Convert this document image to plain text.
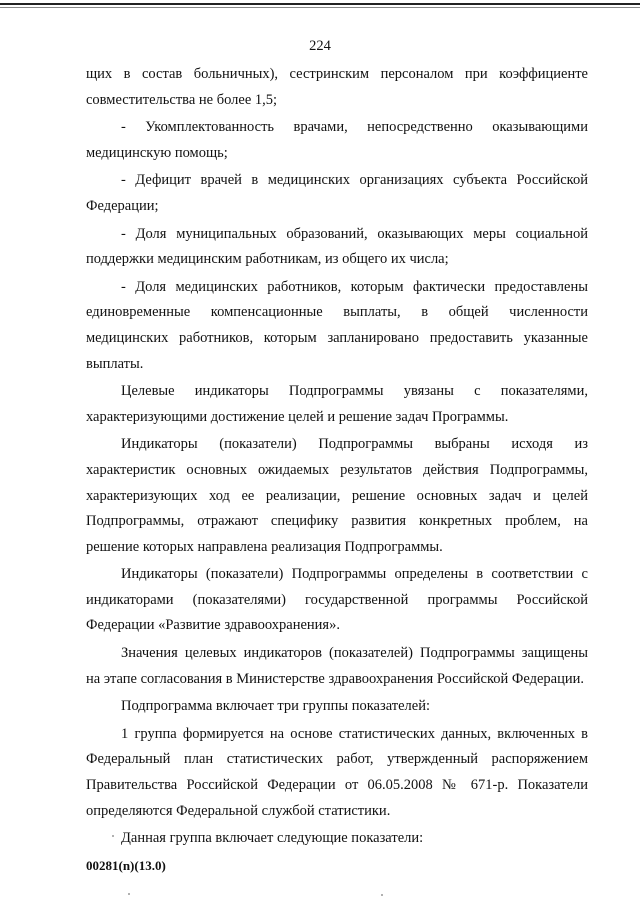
224

щих в состав больничных), сестринским персоналом при коэффициенте совместительства не более 1,5;

- Укомплектованность врачами, непосредственно оказывающими медицинскую помощь;

- Дефицит врачей в медицинских организациях субъекта Российской Федерации;

- Доля муниципальных образований, оказывающих меры социальной поддержки медицинским работникам, из общего их числа;

- Доля медицинских работников, которым фактически предоставлены единовременные компенсационные выплаты, в общей численности медицинских работников, которым запланировано предоставить указанные выплаты.

Целевые индикаторы Подпрограммы увязаны с показателями, характеризующими достижение целей и решение задач Программы.

Индикаторы (показатели) Подпрограммы выбраны исходя из характеристик основных ожидаемых результатов действия Подпрограммы, характеризующих ход ее реализации, решение основных задач и целей Подпрограммы, отражают специфику развития конкретных проблем, на решение которых направлена реализация Подпрограммы.

Индикаторы (показатели) Подпрограммы определены в соответствии с индикаторами (показателями) государственной программы Российской Федерации «Развитие здравоохранения».

Значения целевых индикаторов (показателей) Подпрограммы защищены на этапе согласования в Министерстве здравоохранения Российской Федерации.

Подпрограмма включает три группы показателей:

1 группа формируется на основе статистических данных, включенных в Федеральный план статистических работ, утвержденный распоряжением Правительства Российской Федерации от 06.05.2008 № 671-р. Показатели определяются Федеральной службой статистики.

Данная группа включает следующие показатели:

00281(n)(13.0)
